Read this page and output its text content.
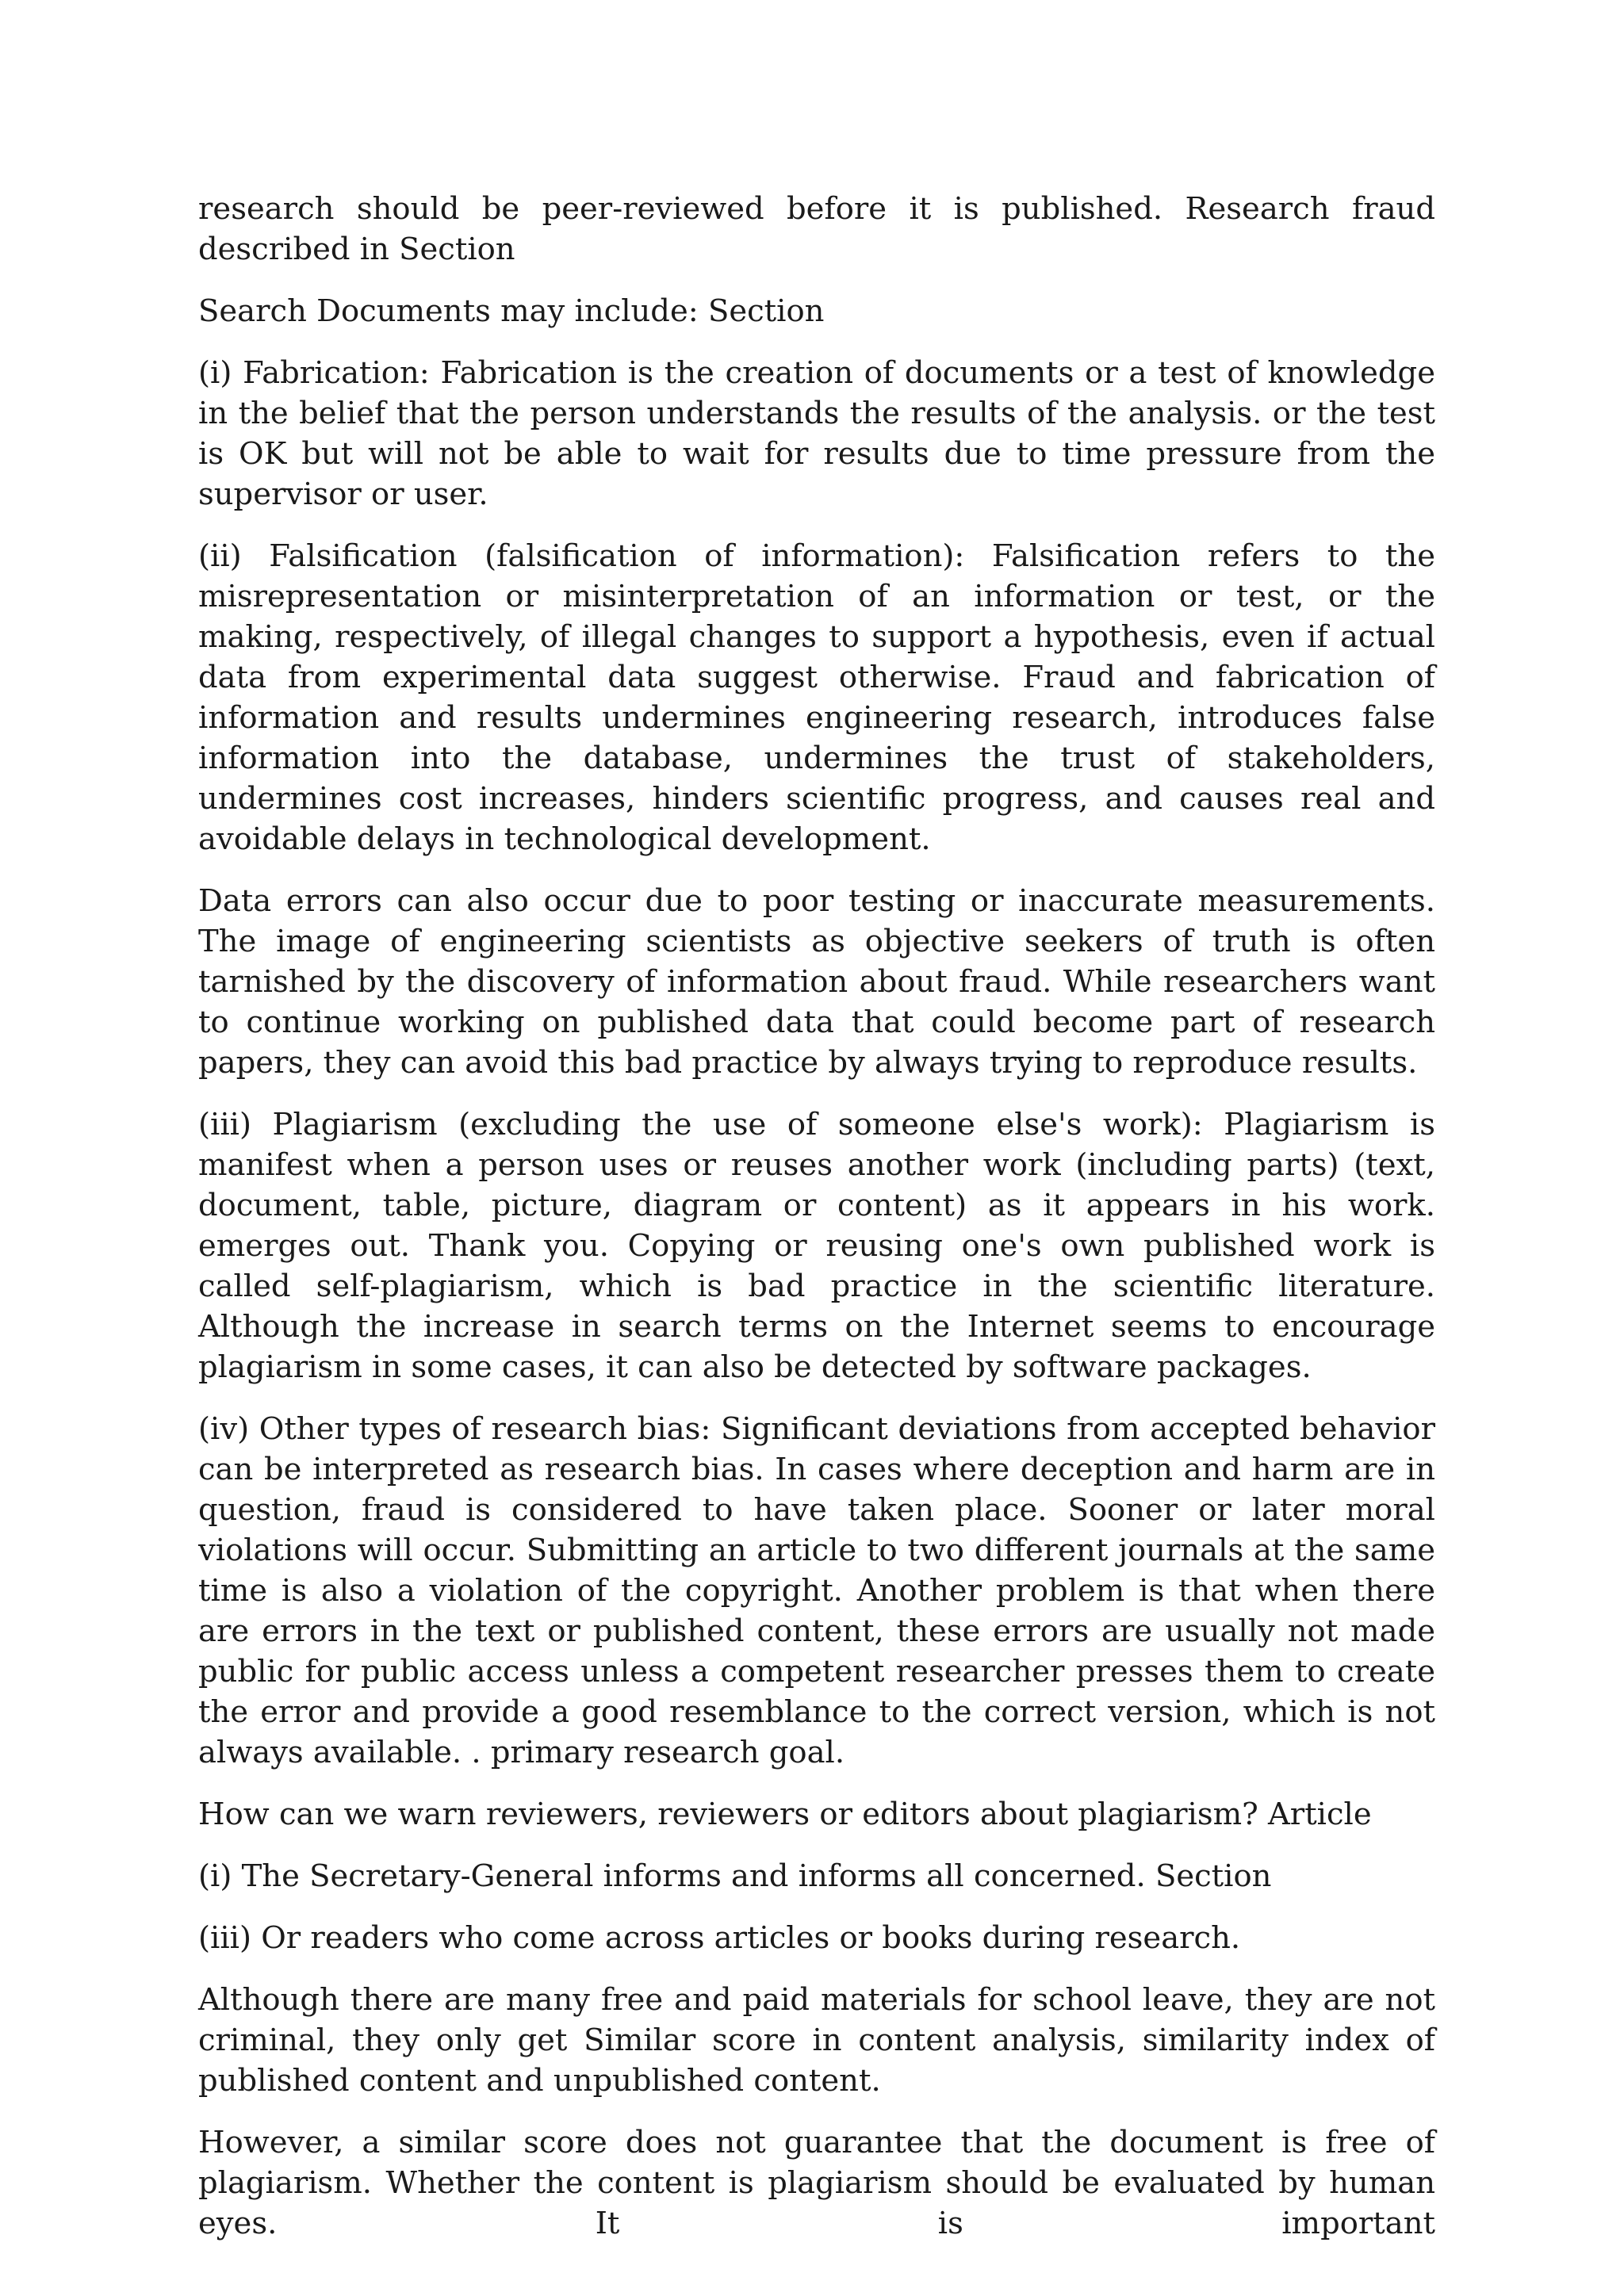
research should be peer-reviewed before it is published. Research fraud described in Section

Search Documents may include: Section

(i) Fabrication: Fabrication is the creation of documents or a test of knowledge in the belief that the person understands the results of the analysis. or the test is OK but will not be able to wait for results due to time pressure from the supervisor or user.

(ii) Falsification (falsification of information): Falsification refers to the misrepresentation or misinterpretation of an information or test, or the making, respectively, of illegal changes to support a hypothesis, even if actual data from experimental data suggest otherwise. Fraud and fabrication of information and results undermines engineering research, introduces false information into the database, undermines the trust of stakeholders, undermines cost increases, hinders scientific progress, and causes real and avoidable delays in technological development.

Data errors can also occur due to poor testing or inaccurate measurements. The image of engineering scientists as objective seekers of truth is often tarnished by the discovery of information about fraud. While researchers want to continue working on published data that could become part of research papers, they can avoid this bad practice by always trying to reproduce results.

(iii) Plagiarism (excluding the use of someone else's work): Plagiarism is manifest when a person uses or reuses another work (including parts) (text, document, table, picture, diagram or content) as it appears in his work. emerges out. Thank you. Copying or reusing one's own published work is called self-plagiarism, which is bad practice in the scientific literature. Although the increase in search terms on the Internet seems to encourage plagiarism in some cases, it can also be detected by software packages.

(iv) Other types of research bias: Significant deviations from accepted behavior can be interpreted as research bias. In cases where deception and harm are in question, fraud is considered to have taken place. Sooner or later moral violations will occur. Submitting an article to two different journals at the same time is also a violation of the copyright. Another problem is that when there are errors in the text or published content, these errors are usually not made public for public access unless a competent researcher presses them to create the error and provide a good resemblance to the correct version, which is not always available. . primary research goal.

How can we warn reviewers, reviewers or editors about plagiarism? Article

(i) The Secretary-General informs and informs all concerned. Section

(iii) Or readers who come across articles or books during research.

Although there are many free and paid materials for school leave, they are not criminal, they only get Similar score in content analysis, similarity index of published content and unpublished content.

However, a similar score does not guarantee that the document is free of plagiarism. Whether the content is plagiarism should be evaluated by human eyes. It is important
